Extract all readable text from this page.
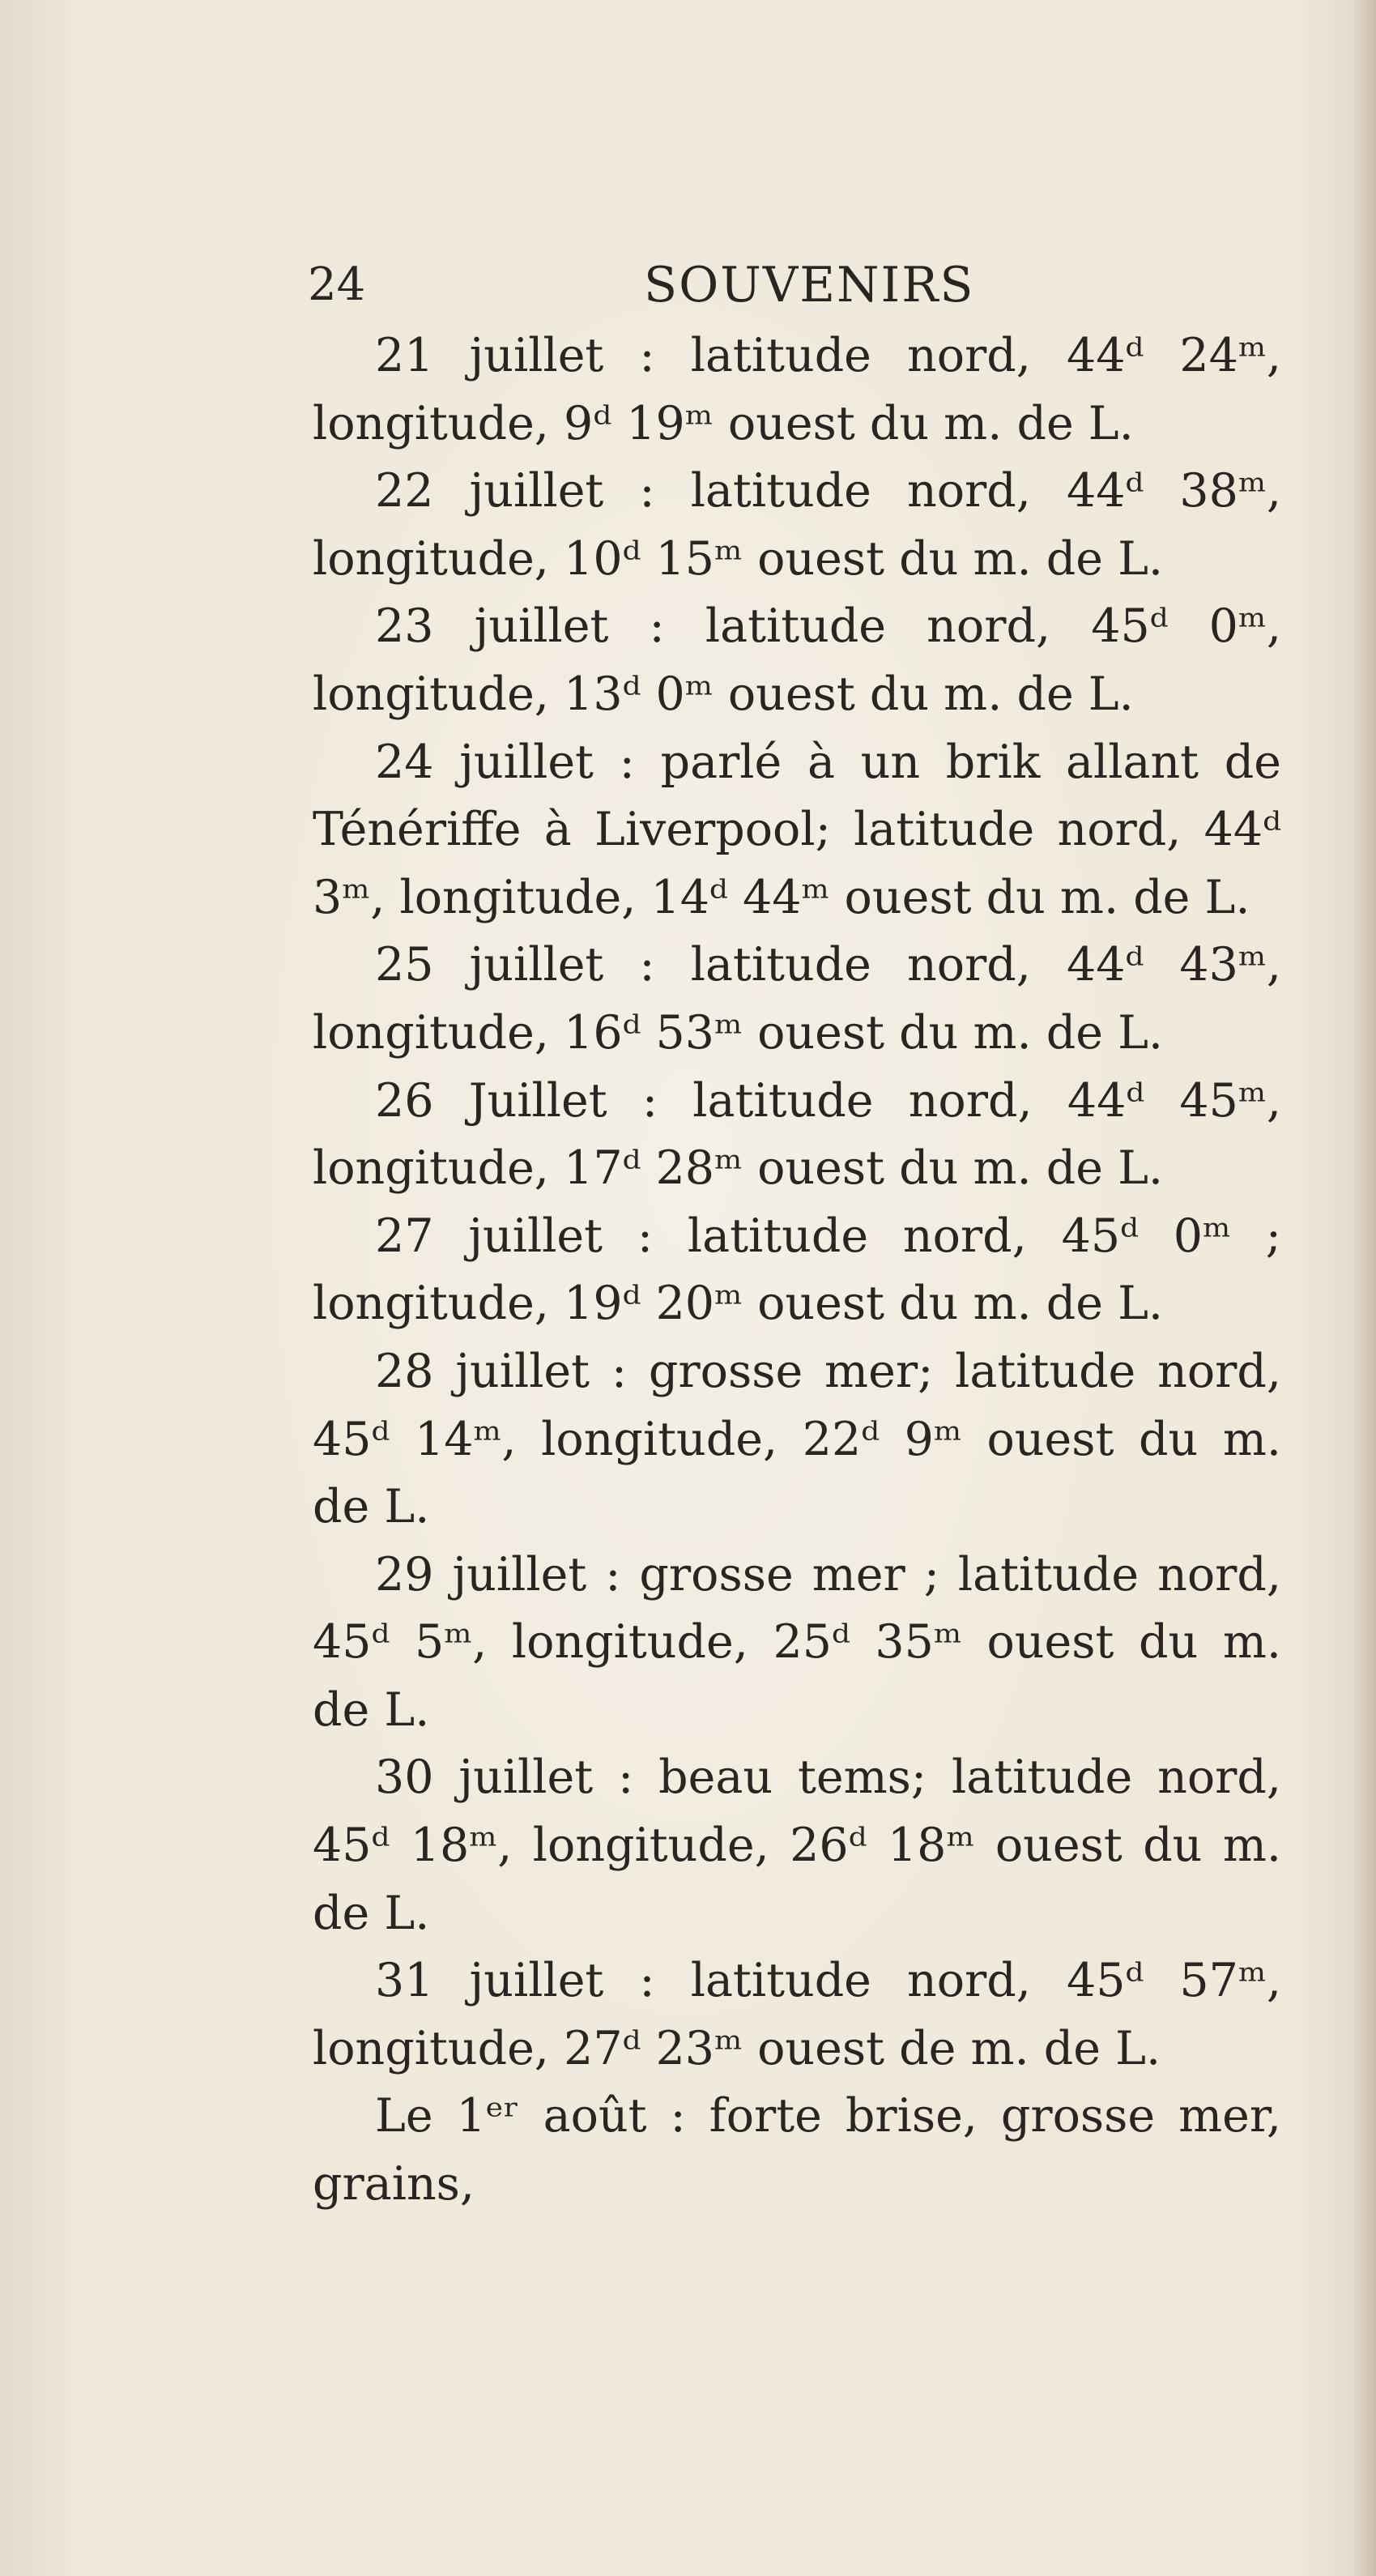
24	SOUVENIRS

21 juillet : latitude nord, 44ᵈ 24ᵐ, longitude, 9ᵈ 19ᵐ ouest du m. de L.

22 juillet : latitude nord, 44ᵈ 38ᵐ, longitude, 10ᵈ 15ᵐ ouest du m. de L.

23 juillet : latitude nord, 45ᵈ 0ᵐ, longitude, 13ᵈ 0ᵐ ouest du m. de L.

24 juillet : parlé à un brik allant de Ténériffe à Liverpool; latitude nord, 44ᵈ 3ᵐ, longitude, 14ᵈ 44ᵐ ouest du m. de L.

25 juillet : latitude nord, 44ᵈ 43ᵐ, longitude, 16ᵈ 53ᵐ ouest du m. de L.

26 Juillet : latitude nord, 44ᵈ 45ᵐ, longitude, 17ᵈ 28ᵐ ouest du m. de L.

27 juillet : latitude nord, 45ᵈ 0ᵐ ; longitude, 19ᵈ 20ᵐ ouest du m. de L.

28 juillet : grosse mer; latitude nord, 45ᵈ 14ᵐ, longitude, 22ᵈ 9ᵐ ouest du m. de L.

29 juillet : grosse mer ; latitude nord, 45ᵈ 5ᵐ, longitude, 25ᵈ 35ᵐ ouest du m. de L.

30 juillet : beau tems; latitude nord, 45ᵈ 18ᵐ, longitude, 26ᵈ 18ᵐ ouest du m. de L.

31 juillet : latitude nord, 45ᵈ 57ᵐ, longitude, 27ᵈ 23ᵐ ouest de m. de L.

Le 1ᵉʳ août : forte brise, grosse mer, grains,
